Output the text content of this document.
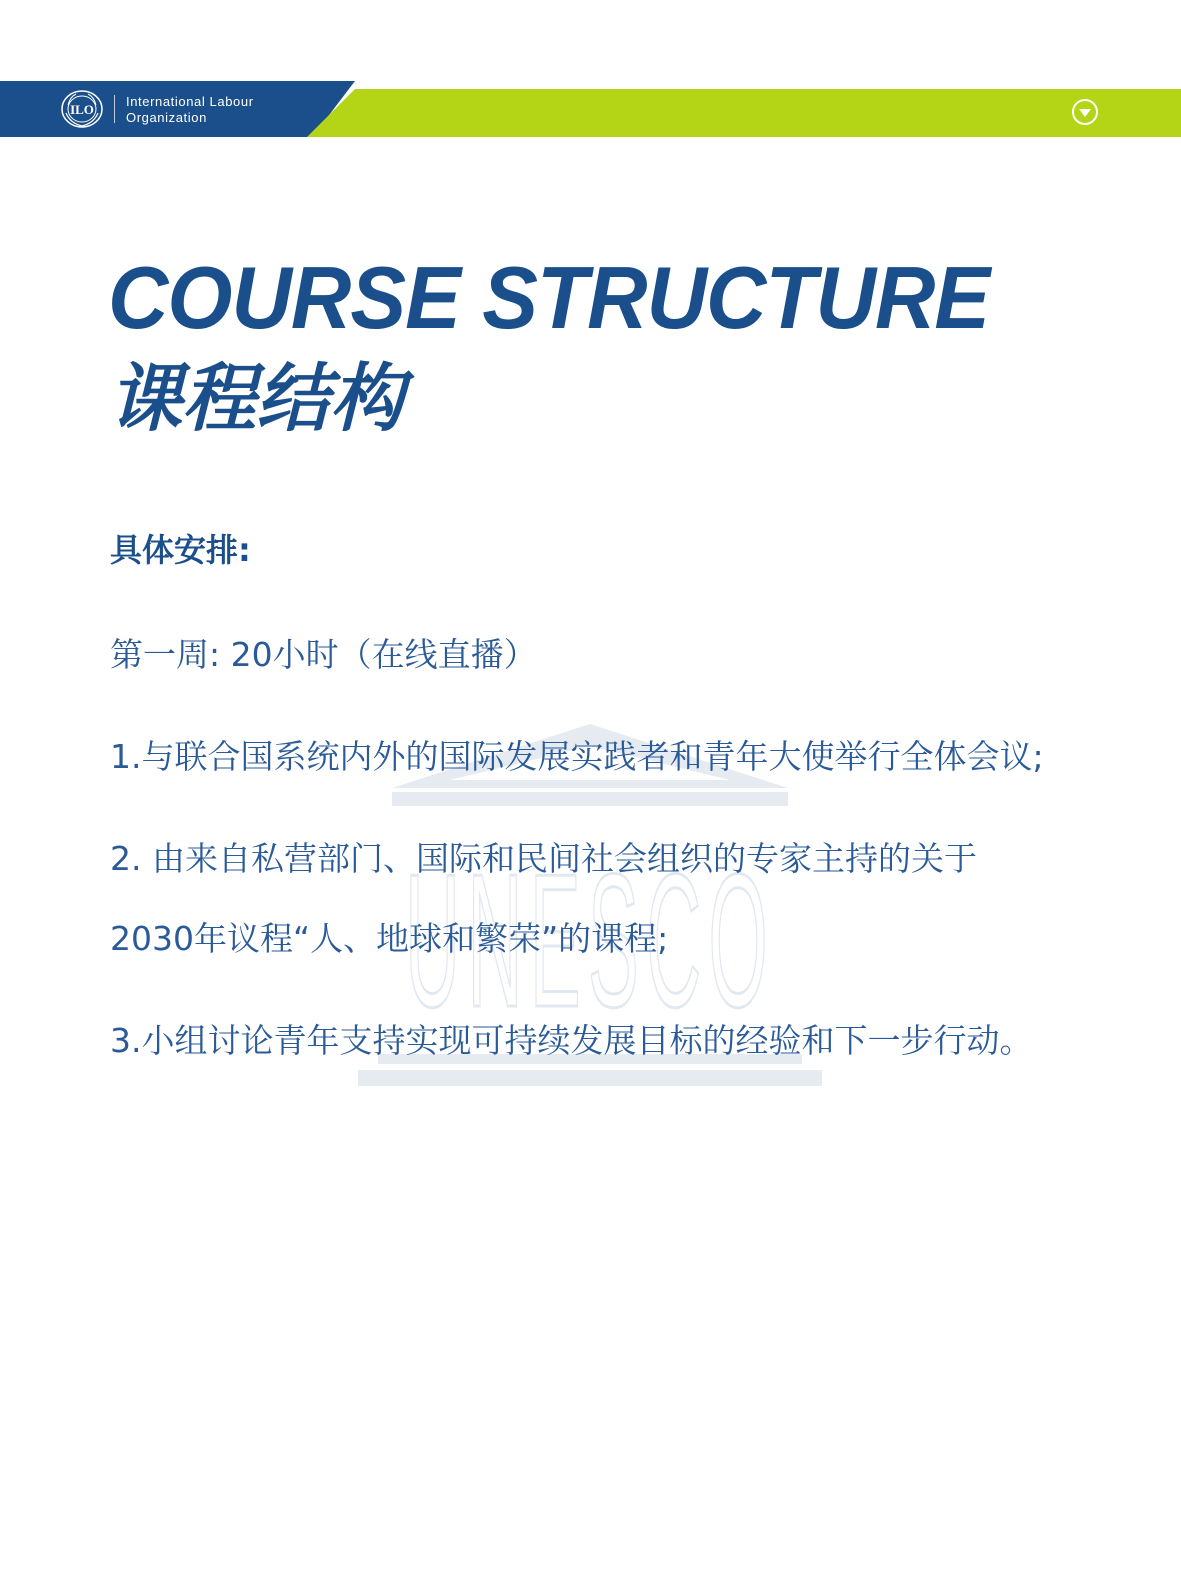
ILO
International Labour
Organization
UNESCO
COURSE STRUCTURE
课程结构
具体安排:
第一周: 20小时（在线直播）
1.与联合国系统内外的国际发展实践者和青年大使举行全体会议;
2. 由来自私营部门、国际和民间社会组织的专家主持的关于
2030年议程“人、地球和繁荣”的课程;
3.小组讨论青年支持实现可持续发展目标的经验和下一步行动。
